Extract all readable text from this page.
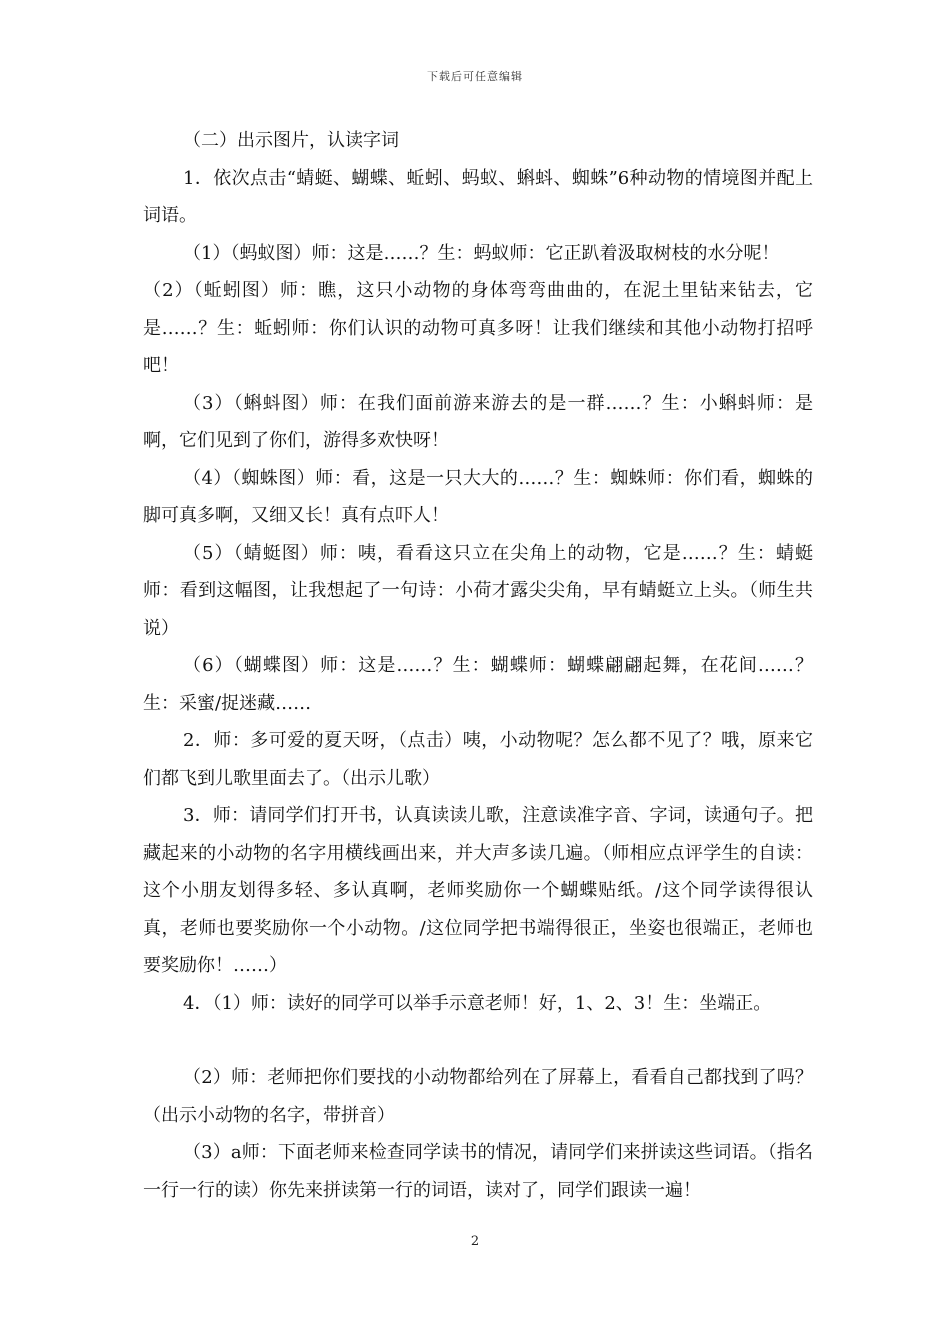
下载后可任意编辑

（二）出示图片，认读字词

1．依次点击“蜻蜓、蝴蝶、蚯蚓、蚂蚁、蝌蚪、蜘蛛”6种动物的情境图并配上词语。

（1）（蚂蚁图）师：这是……？生：蚂蚁师：它正趴着汲取树枝的水分呢！

（2）（蚯蚓图）师：瞧，这只小动物的身体弯弯曲曲的，在泥土里钻来钻去，它是……？生：蚯蚓师：你们认识的动物可真多呀！让我们继续和其他小动物打招呼吧！

（3）（蝌蚪图）师：在我们面前游来游去的是一群……？生：小蝌蚪师：是啊，它们见到了你们，游得多欢快呀！

（4）（蜘蛛图）师：看，这是一只大大的……？生：蜘蛛师：你们看，蜘蛛的脚可真多啊，又细又长！真有点吓人！

（5）（蜻蜓图）师：咦，看看这只立在尖角上的动物，它是……？生：蜻蜓师：看到这幅图，让我想起了一句诗：小荷才露尖尖角，早有蜻蜓立上头。（师生共说）

（6）（蝴蝶图）师：这是……？生：蝴蝶师：蝴蝶翩翩起舞，在花间……？生：采蜜/捉迷藏……

2．师：多可爱的夏天呀，（点击）咦，小动物呢？怎么都不见了？哦，原来它们都飞到儿歌里面去了。（出示儿歌）

3．师：请同学们打开书，认真读读儿歌，注意读准字音、字词，读通句子。把藏起来的小动物的名字用横线画出来，并大声多读几遍。（师相应点评学生的自读：这个小朋友划得多轻、多认真啊，老师奖励你一个蝴蝶贴纸。/这个同学读得很认真，老师也要奖励你一个小动物。/这位同学把书端得很正，坐姿也很端正，老师也要奖励你！……）

4．（1）师：读好的同学可以举手示意老师！好，1、2、3！生：坐端正。

（2）师：老师把你们要找的小动物都给列在了屏幕上，看看自己都找到了吗？（出示小动物的名字，带拼音）

（3）a师：下面老师来检查同学读书的情况，请同学们来拼读这些词语。（指名一行一行的读）你先来拼读第一行的词语，读对了，同学们跟读一遍！

2
